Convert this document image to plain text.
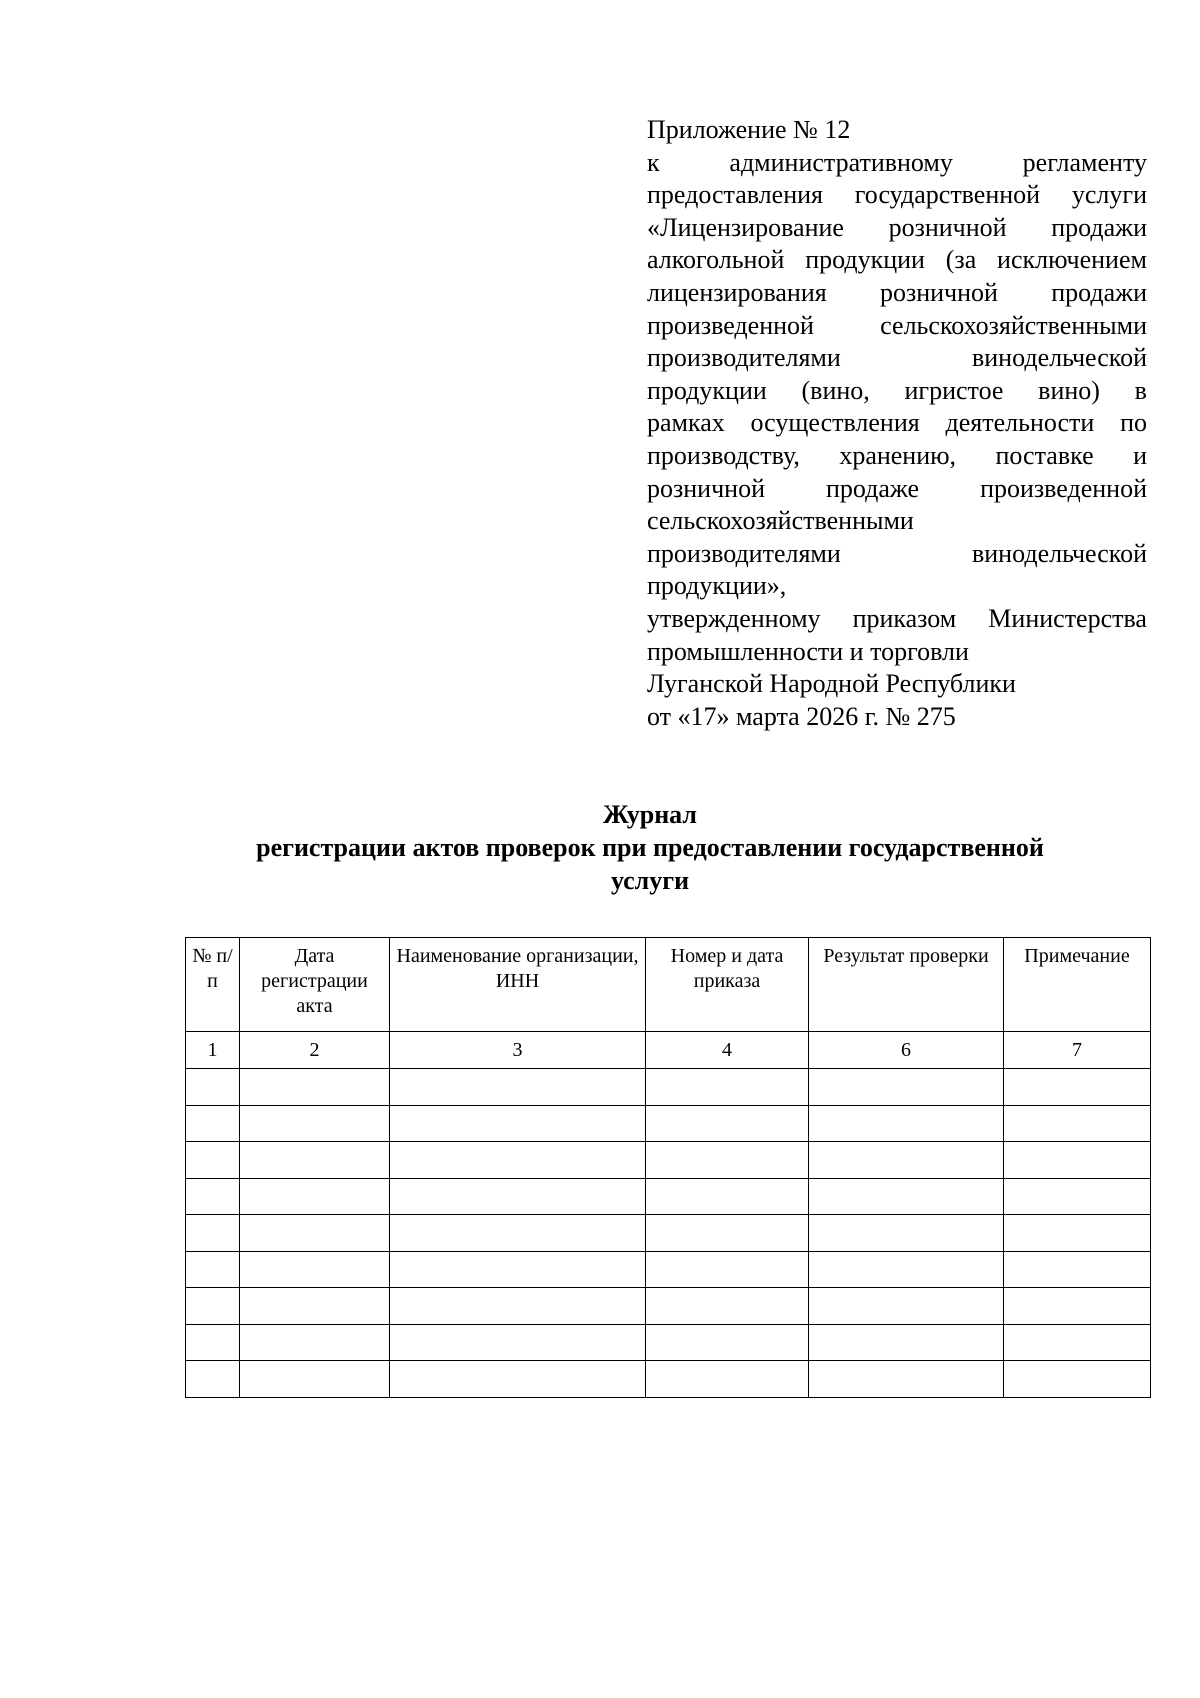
Приложение № 12
к	административному	регламенту
предоставления государственной услуги
«Лицензирование розничной продажи
алкогольной продукции (за исключением
лицензирования розничной продажи
произведенной	сельскохозяйственными
производителями	винодельческой
продукции (вино, игристое вино) в
рамках осуществления деятельности по
производству, хранению, поставке и
розничной продаже произведенной
сельскохозяйственными
производителями	винодельческой
продукции»,
утвержденному приказом Министерства
промышленности и торговли
Луганской Народной Республики
от «17» марта 2026 г. № 275
Журнал
регистрации актов проверок при предоставлении государственной
услуги
№ п/п	Дата регистрации акта	Наименование организации, ИНН	Номер и дата приказа	Результат проверки	Примечание
1	2	3	4	6	7
